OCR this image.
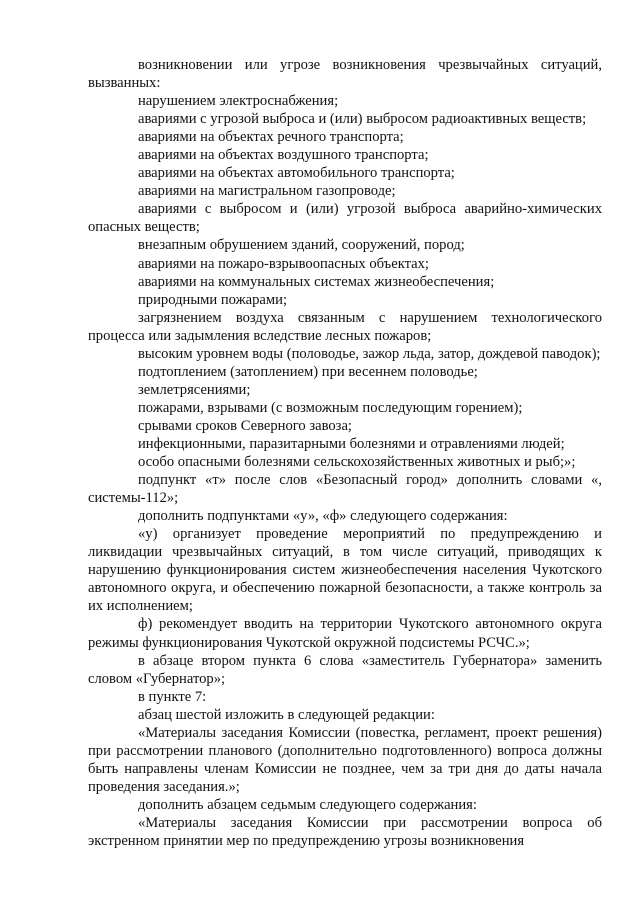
возникновении или угрозе возникновения чрезвычайных ситуаций, вызванных:

нарушением электроснабжения;

авариями с угрозой выброса и (или) выбросом радиоактивных веществ;

авариями на объектах речного транспорта;

авариями на объектах воздушного транспорта;

авариями на объектах автомобильного транспорта;

авариями на магистральном газопроводе;

авариями с выбросом и (или) угрозой выброса аварийно-химических опасных веществ;

внезапным обрушением зданий, сооружений, пород;

авариями на пожаро-взрывоопасных объектах;

авариями на коммунальных системах жизнеобеспечения;

природными пожарами;

загрязнением воздуха связанным с нарушением технологического процесса или задымления вследствие лесных пожаров;

высоким уровнем воды (половодье, зажор льда, затор, дождевой паводок);

подтоплением (затоплением) при весеннем половодье;

землетрясениями;

пожарами, взрывами (с возможным последующим горением);

срывами сроков Северного завоза;

инфекционными, паразитарными болезнями и отравлениями людей;

особо опасными болезнями сельскохозяйственных животных и рыб;»;

подпункт «т» после слов «Безопасный город» дополнить словами «, системы-112»;

дополнить подпунктами «у», «ф» следующего содержания:

«у) организует проведение мероприятий по предупреждению и ликвидации чрезвычайных ситуаций, в том числе ситуаций, приводящих к нарушению функционирования систем жизнеобеспечения населения Чукотского автономного округа, и обеспечению пожарной безопасности, а также контроль за их исполнением;

ф) рекомендует вводить на территории Чукотского автономного округа режимы функционирования Чукотской окружной подсистемы РСЧС.»;

в абзаце втором пункта 6 слова «заместитель Губернатора» заменить словом «Губернатор»;

в пункте 7:

абзац шестой изложить в следующей редакции:

«Материалы заседания Комиссии (повестка, регламент, проект решения) при рассмотрении планового (дополнительно подготовленного) вопроса должны быть направлены членам Комиссии не позднее, чем за три дня до даты начала проведения заседания.»;

дополнить абзацем седьмым следующего содержания:

«Материалы заседания Комиссии при рассмотрении вопроса об экстренном принятии мер по предупреждению угрозы возникновения
